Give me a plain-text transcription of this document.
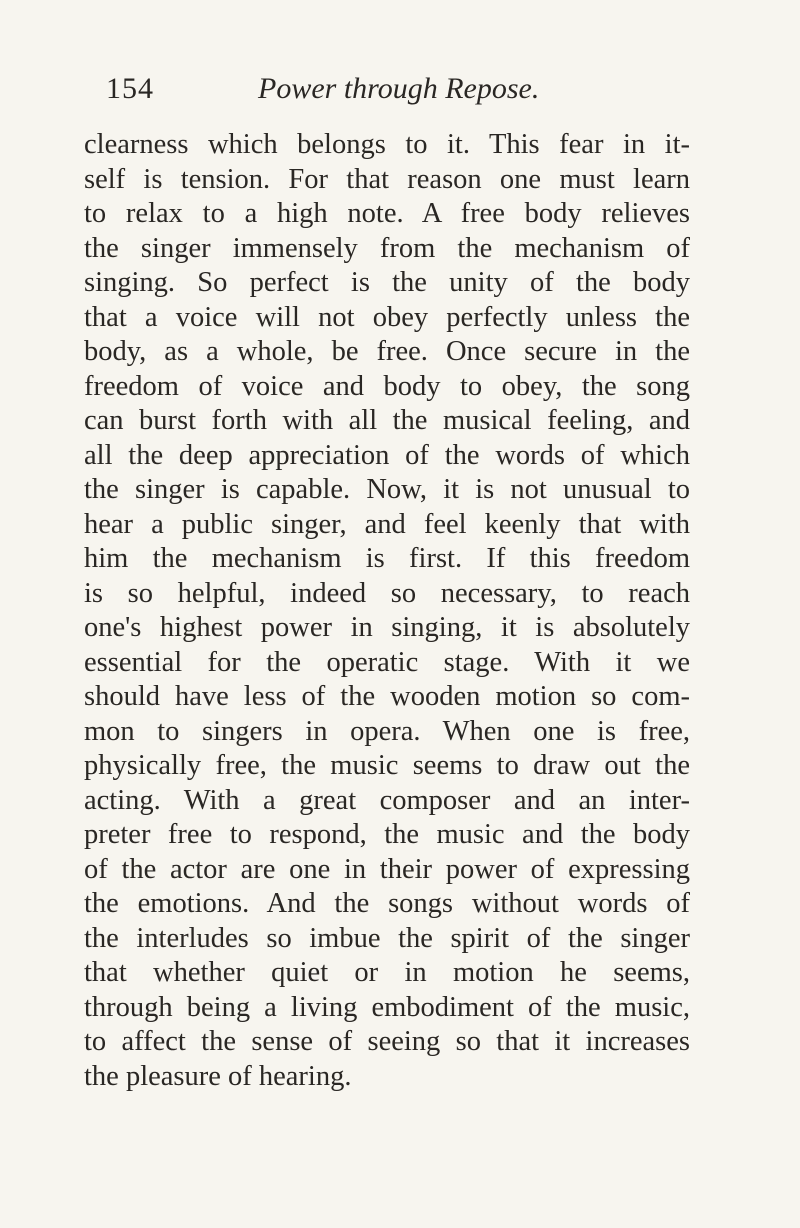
154	Power through Repose.
clearness which belongs to it. This fear in it-
self is tension. For that reason one must learn
to relax to a high note. A free body relieves
the singer immensely from the mechanism of
singing. So perfect is the unity of the body
that a voice will not obey perfectly unless the
body, as a whole, be free. Once secure in the
freedom of voice and body to obey, the song
can burst forth with all the musical feeling, and
all the deep appreciation of the words of which
the singer is capable. Now, it is not unusual to
hear a public singer, and feel keenly that with
him the mechanism is first. If this freedom
is so helpful, indeed so necessary, to reach
one's highest power in singing, it is absolutely
essential for the operatic stage. With it we
should have less of the wooden motion so com-
mon to singers in opera. When one is free,
physically free, the music seems to draw out the
acting. With a great composer and an inter-
preter free to respond, the music and the body
of the actor are one in their power of expressing
the emotions. And the songs without words of
the interludes so imbue the spirit of the singer
that whether quiet or in motion he seems,
through being a living embodiment of the music,
to affect the sense of seeing so that it increases
the pleasure of hearing.
